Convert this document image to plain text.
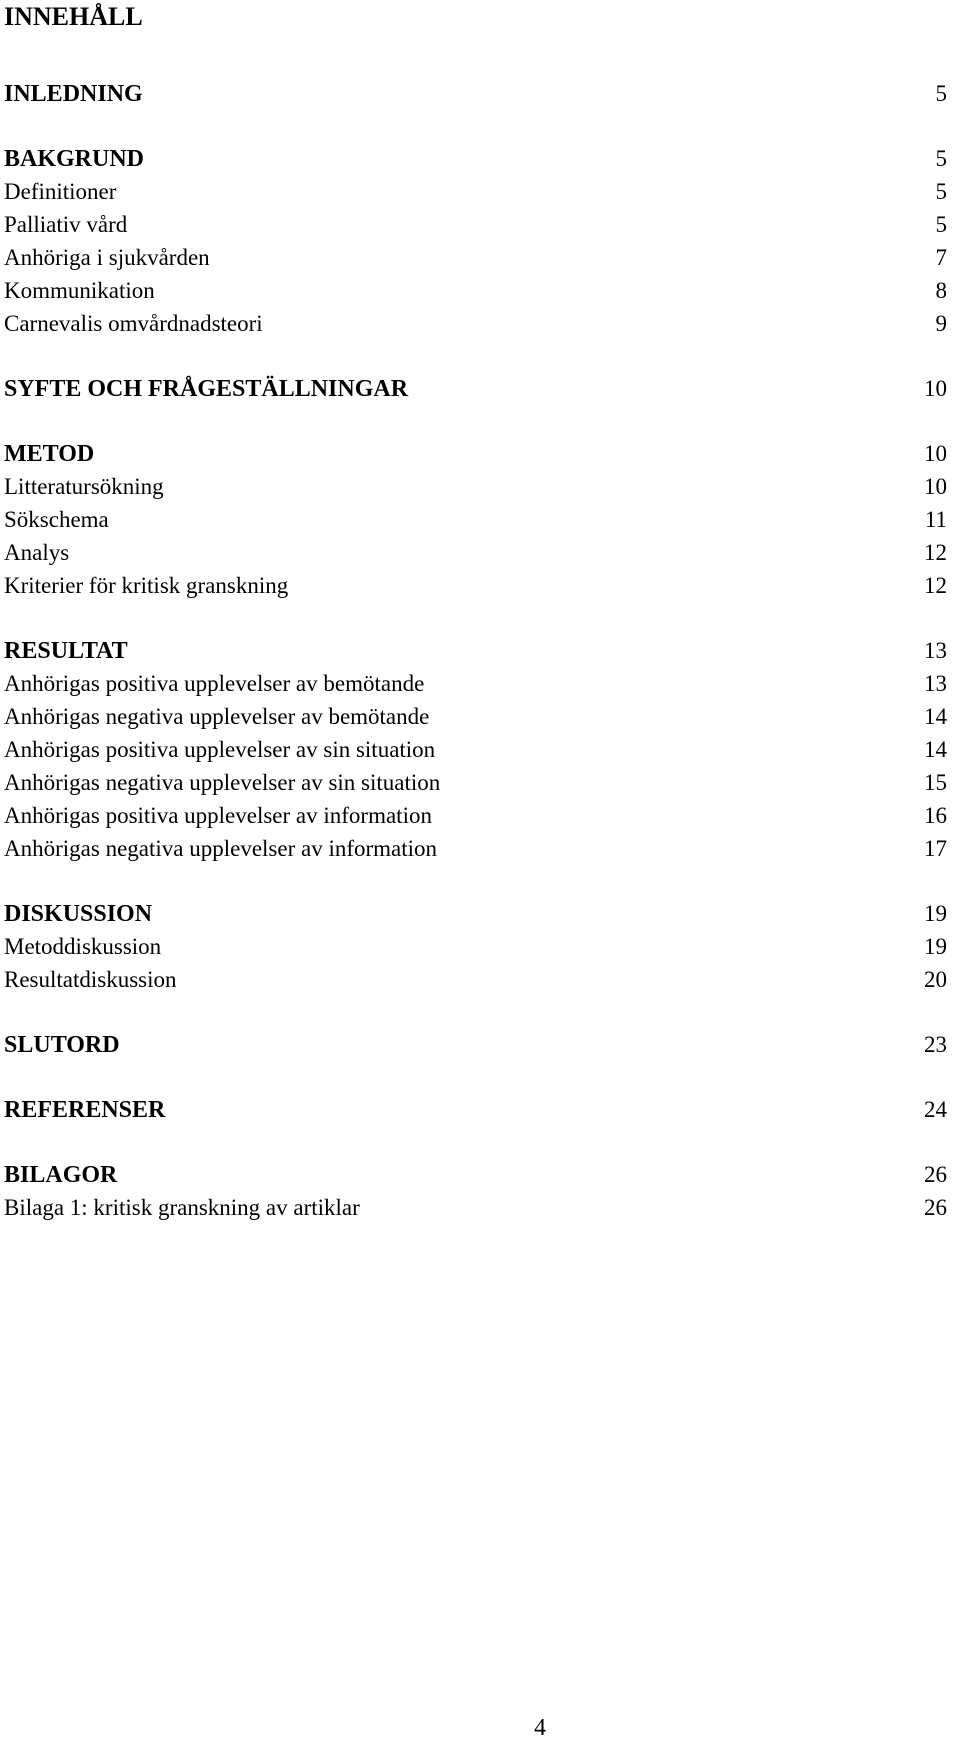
INNEHÅLL
INLEDNING	5
BAKGRUND	5
Definitioner	5
Palliativ vård	5
Anhöriga i sjukvården	7
Kommunikation	8
Carnevalis omvårdnadsteori	9
SYFTE OCH FRÅGESTÄLLNINGAR	10
METOD	10
Litteratursökning	10
Sökschema	11
Analys	12
Kriterier för kritisk granskning	12
RESULTAT	13
Anhörigas positiva upplevelser av bemötande	13
Anhörigas negativa upplevelser av bemötande	14
Anhörigas positiva upplevelser av sin situation	14
Anhörigas negativa upplevelser av sin situation	15
Anhörigas positiva upplevelser av information	16
Anhörigas negativa upplevelser av information	17
DISKUSSION	19
Metoddiskussion	19
Resultatdiskussion	20
SLUTORD	23
REFERENSER	24
BILAGOR	26
Bilaga 1: kritisk granskning av artiklar	26
4
